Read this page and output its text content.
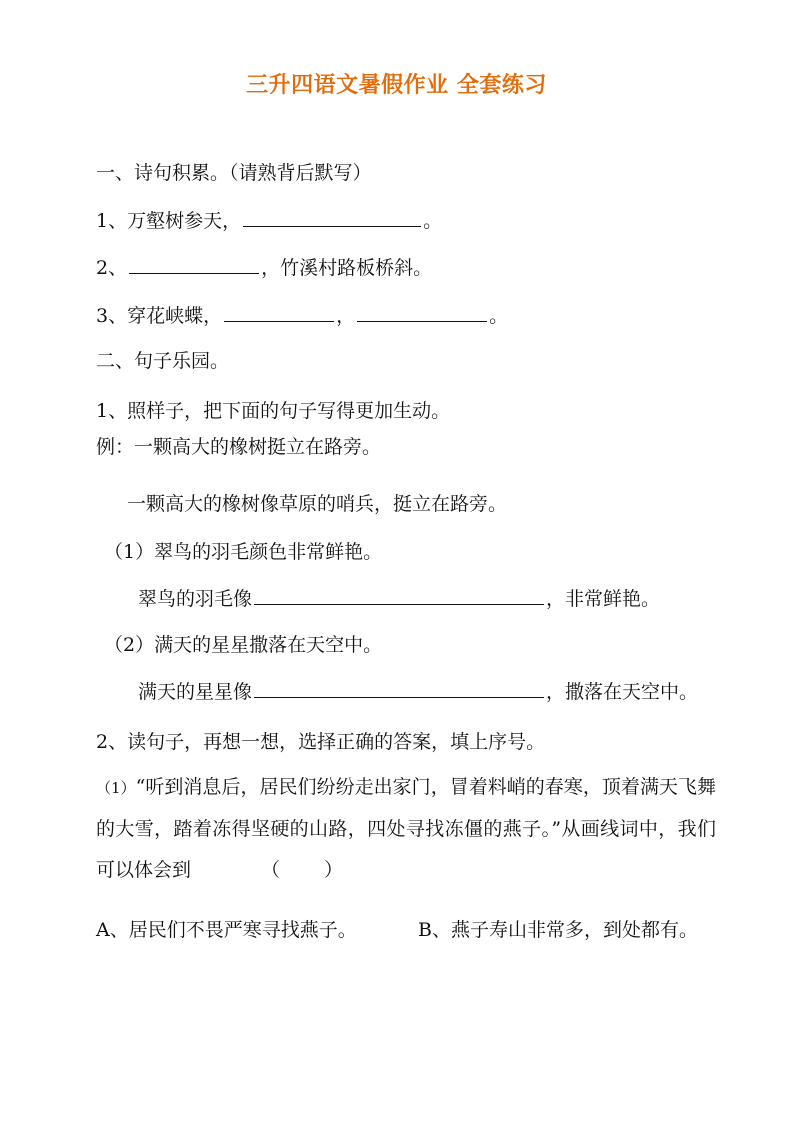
三升四语文暑假作业 全套练习
一、诗句积累。（请熟背后默写）
1、万壑树参天，	。
2、	，竹溪村路板桥斜。
3、穿花峡蝶，	，	。
二、句子乐园。
1、照样子，把下面的句子写得更加生动。
例：一颗高大的橡树挺立在路旁。
一颗高大的橡树像草原的哨兵，挺立在路旁。
（1）翠鸟的羽毛颜色非常鲜艳。
翠鸟的羽毛像	，非常鲜艳。
（2）满天的星星撒落在天空中。
满天的星星像	，撒落在天空中。
2、读句子，再想一想，选择正确的答案，填上序号。
（1）“听到消息后，居民们纷纷走出家门，冒着料峭的春寒，顶着满天飞舞的大雪，踏着冻得坚硬的山路，四处寻找冻僵的燕子。”从画线词中，我们可以体会到	（）
A、居民们不畏严寒寻找燕子。	B、燕子寿山非常多，到处都有。
